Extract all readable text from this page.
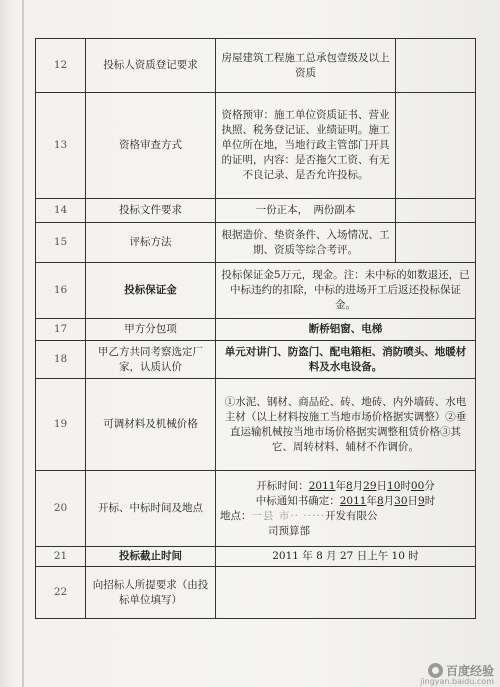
12	投标人资质登记要求	房屋建筑工程施工总承包壹级及以上资质	
13	资格审查方式	资格预审：施工单位资质证书、营业执照、税务登记证、业绩证明。施工单位所在地，当地行政主管部门开具的证明，内容：是否拖欠工资、有无不良记录、是否允许投标。	
14	投标文件要求	一份正本，　两份副本	
15	评标方法	根据造价、垫资条件、入场情况、工期、资质等综合考评。	
16	投标保证金	投标保证金5万元，现金。注：未中标的如数退还，已中标违约的扣除，中标的进场开工后返还投标保证金。	
17	甲方分包项	断桥铝窗、电梯	
18	甲乙方共同考察选定厂家，认质认价	单元对讲门、防盗门、配电箱柜、消防喷头、地暖材料及水电设备。	
19	可调材料及机械价格	①水泥、钢材、商品砼、砖、地砖、内外墙砖、水电主材（以上材料按施工当地市场价格据实调整）②垂直运输机械按当地市场价格据实调整租赁价格③其它、周转材料、辅材不作调价。	
20	开标、中标时间及地点	开标时间：2011年8月29日10时00分
中标通知书确定：2011年8月30日9时
地点：一县 市·· ·····开发有限公
司预算部	

21	投标截止时间	2011 年 8 月 27 日上午 10 时	
22	向招标人所提要求（由投标单位填写）		
百度经验
jingyan.baidu.com
